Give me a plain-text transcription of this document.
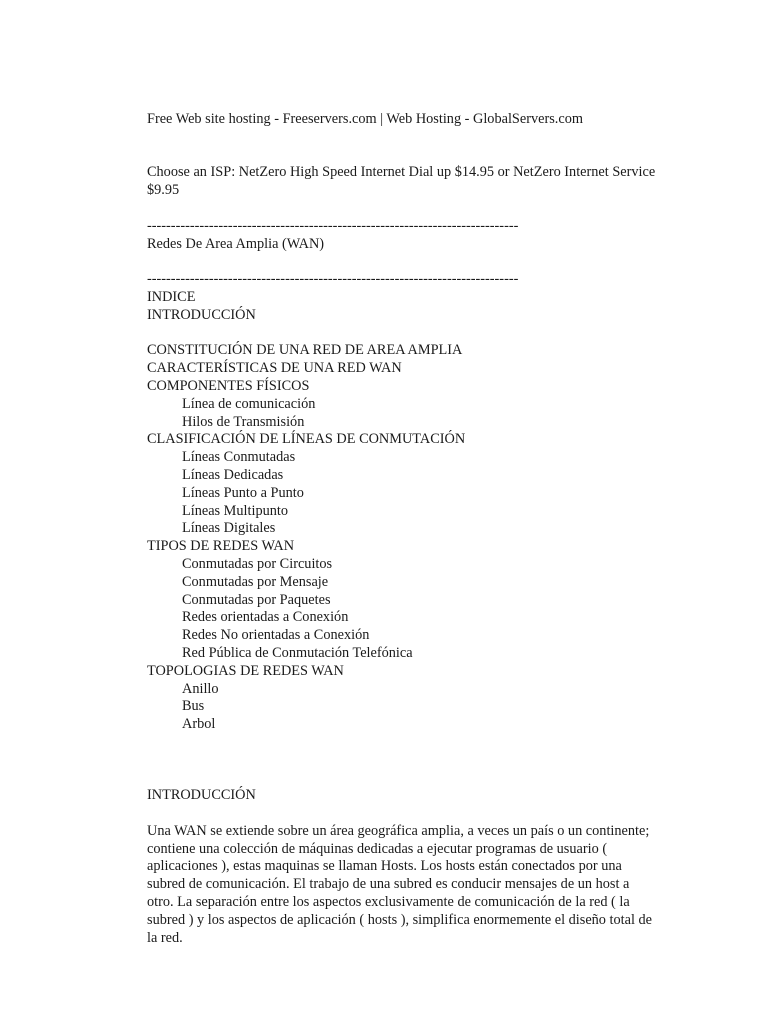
Free Web site hosting - Freeservers.com | Web Hosting - GlobalServers.com
Choose an ISP: NetZero High Speed Internet Dial up $14.95 or NetZero Internet Service $9.95
------------------------------------------------------------------------------
Redes De Area Amplia (WAN)
------------------------------------------------------------------------------
INDICE
INTRODUCCIÓN
CONSTITUCIÓN DE UNA RED DE AREA AMPLIA
CARACTERÍSTICAS DE UNA RED WAN
COMPONENTES FÍSICOS
Línea de comunicación
Hilos de Transmisión
CLASIFICACIÓN DE LÍNEAS DE CONMUTACIÓN
Líneas Conmutadas
Líneas Dedicadas
Líneas Punto a Punto
Líneas Multipunto
Líneas Digitales
TIPOS DE REDES WAN
Conmutadas por Circuitos
Conmutadas por Mensaje
Conmutadas por Paquetes
Redes orientadas a Conexión
Redes No orientadas a Conexión
Red Pública de Conmutación Telefónica
TOPOLOGIAS DE REDES WAN
Anillo
Bus
Arbol
INTRODUCCIÓN
Una WAN se extiende sobre un área geográfica amplia, a veces un país o un continente; contiene una colección de máquinas dedicadas a ejecutar programas de usuario ( aplicaciones ), estas maquinas se llaman Hosts. Los hosts están conectados por una subred de comunicación. El trabajo de una subred es conducir mensajes de un host a otro. La separación entre los aspectos exclusivamente de comunicación de la red ( la subred ) y los aspectos de aplicación ( hosts ), simplifica enormemente el diseño total de la red.
